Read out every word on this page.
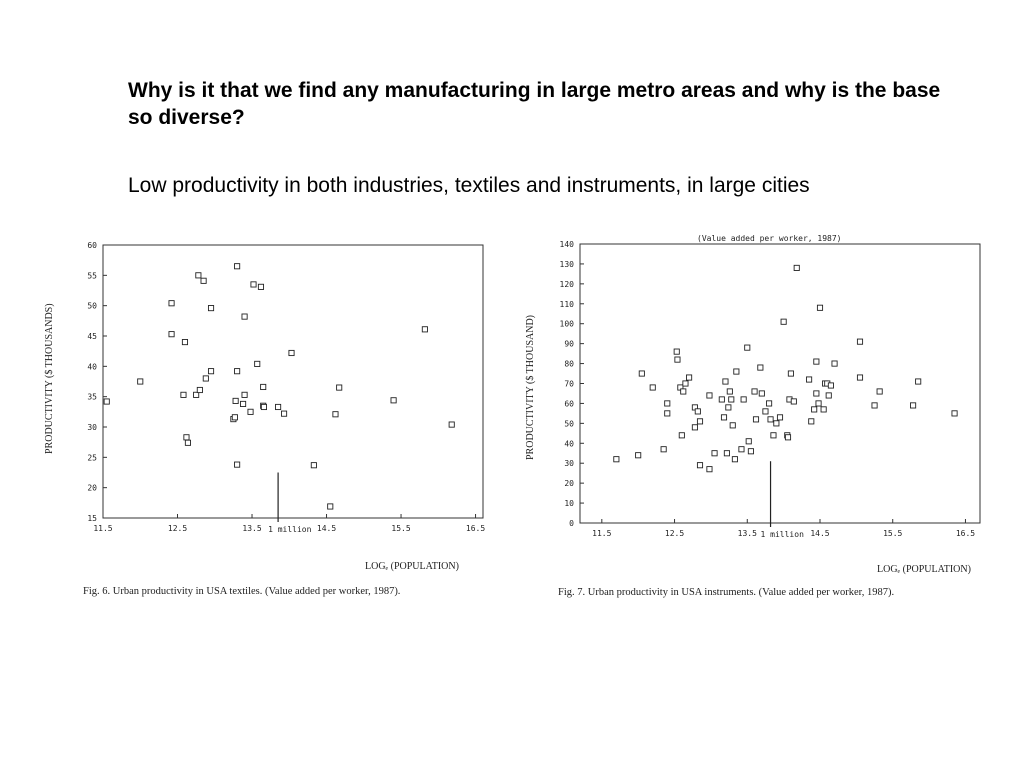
Why is it that we find any manufacturing in large metro areas and why is the base so diverse?
Low productivity in both industries, textiles and instruments, in large cities
15
20
25
30
35
40
45
50
55
60
11.5	12.5	13.5	14.5	15.5	16.5
1 million
PRODUCTIVITY ($ THOUSANDS)
LOGₑ (POPULATION)
Fig. 6. Urban productivity in USA textiles. (Value added per worker, 1987).
(Value added per worker, 1987)
0
10
20
30
40
50
60
70
80
90
100
110
120
130
140
11.5	12.5	13.5	14.5	15.5	16.5
1 million
PRODUCTIVITY ($ THOUSAND)
LOGₑ (POPULATION)
Fig. 7. Urban productivity in USA instruments. (Value added per worker, 1987).
